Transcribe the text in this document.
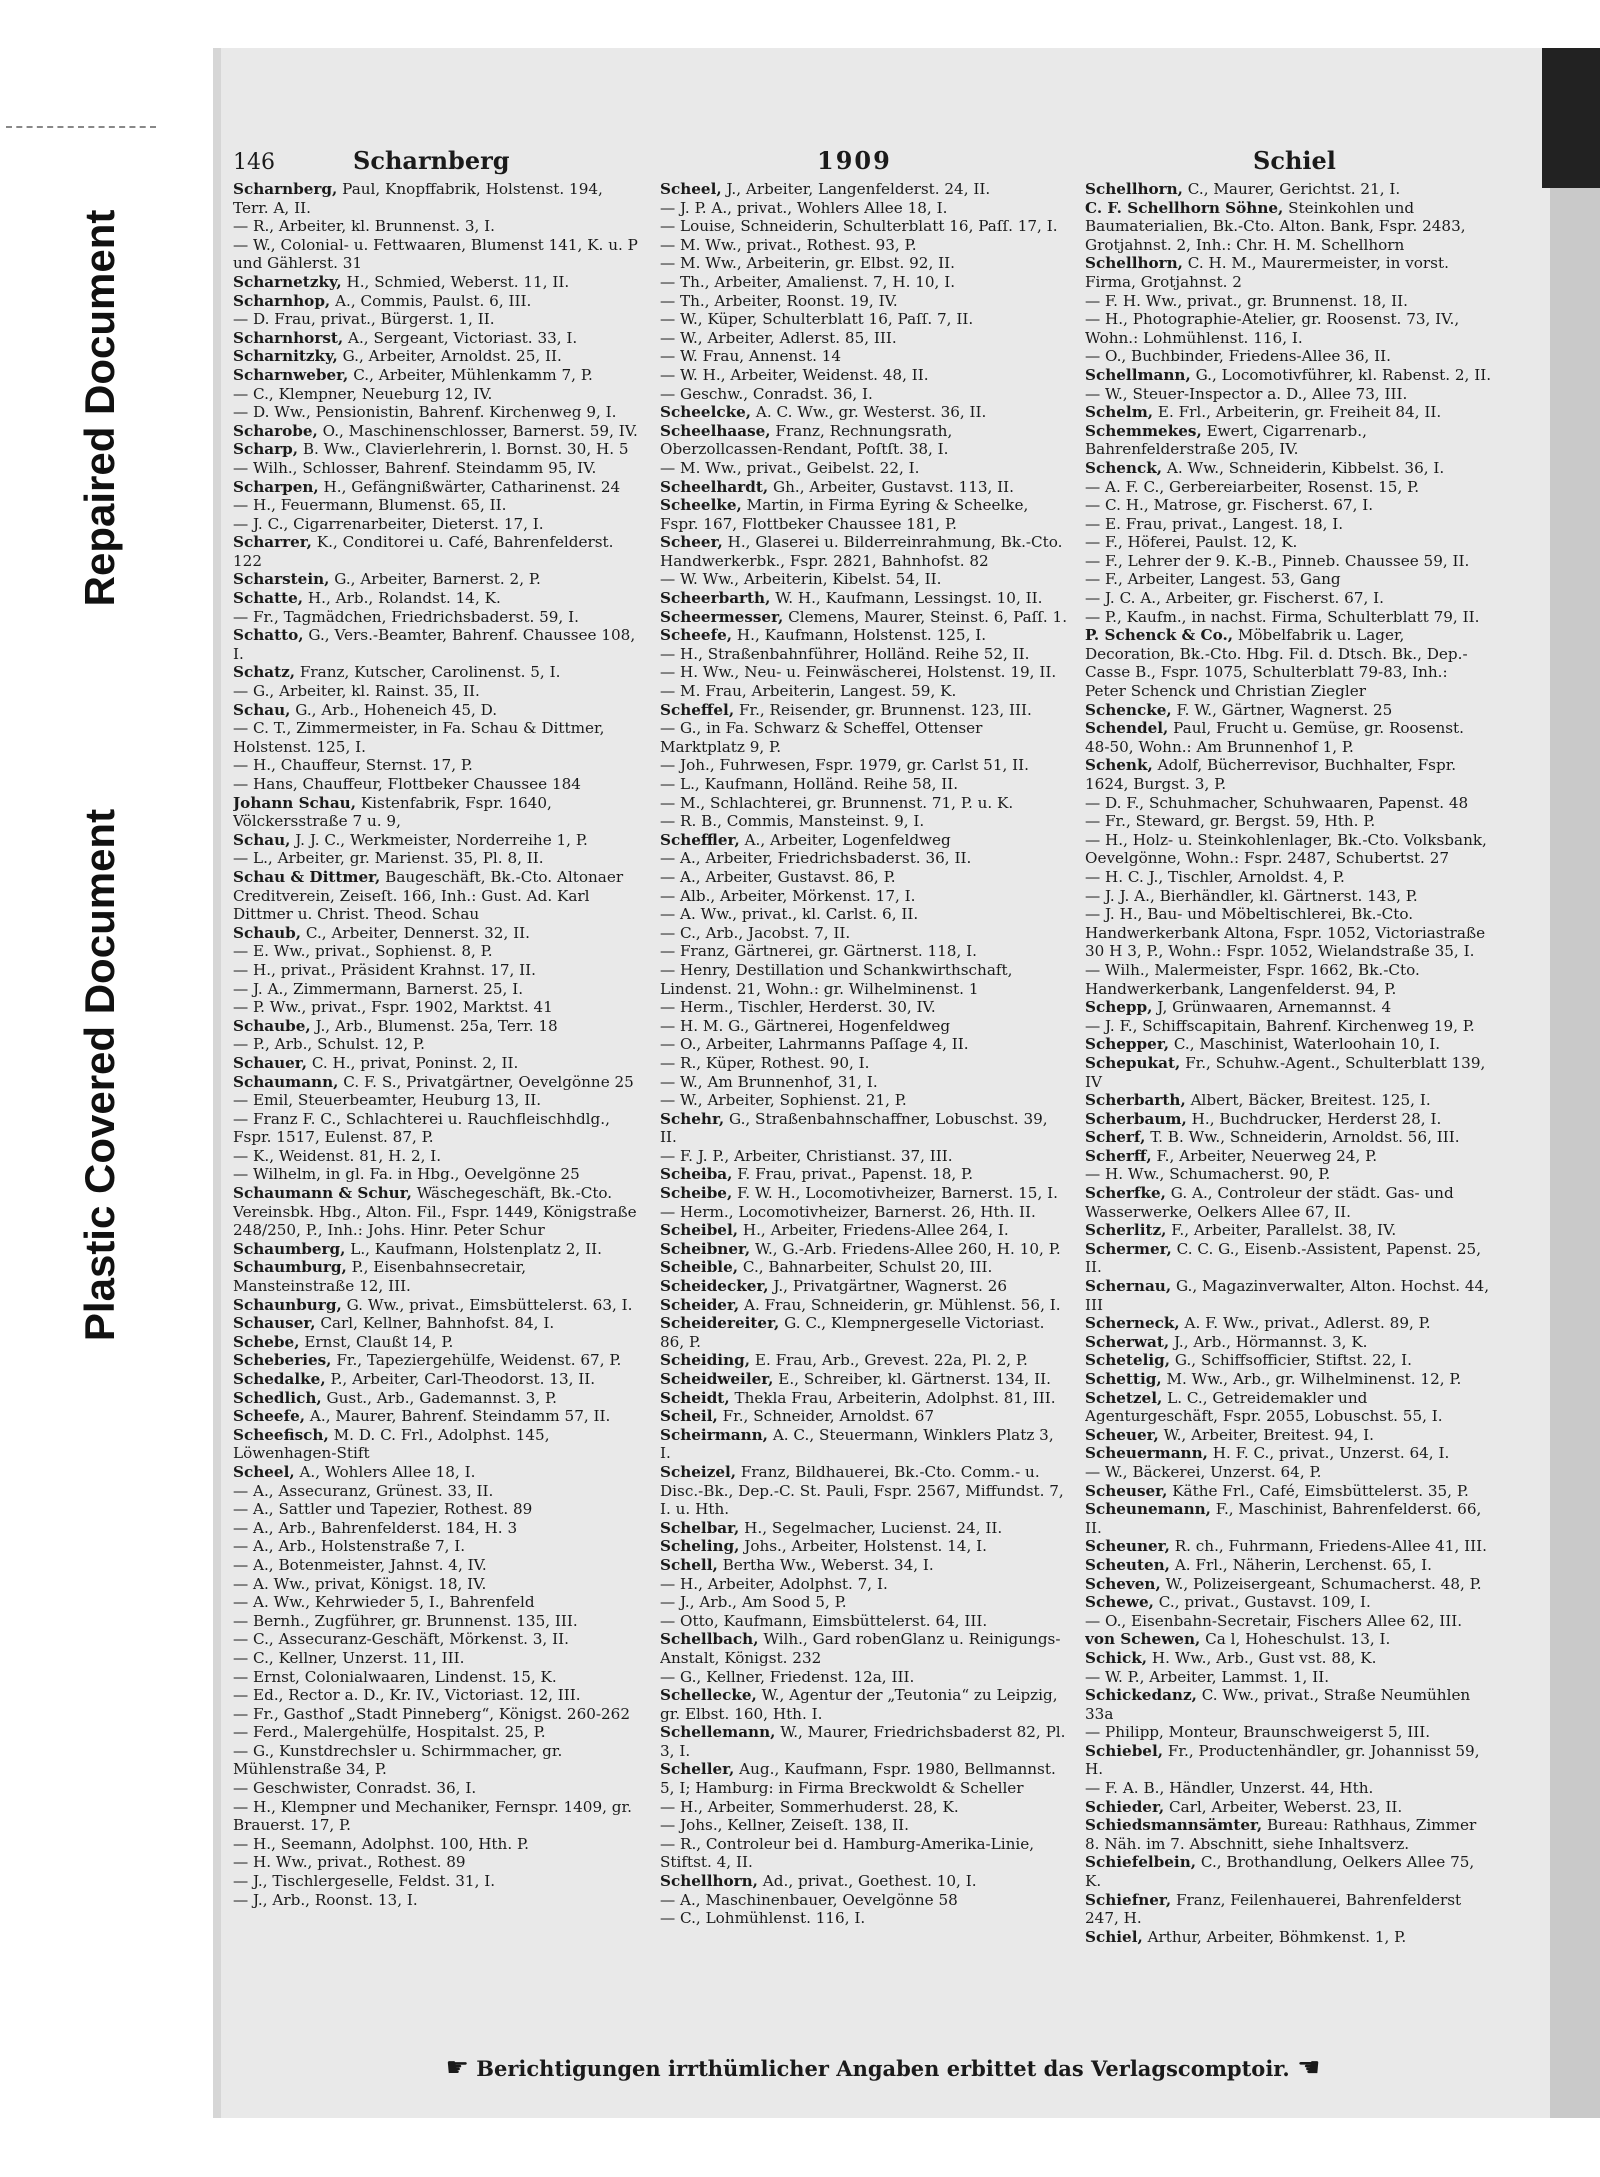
Plastic Covered Document
Repaired Document
146	Scharnberg	1909	Schiel

Scharnberg, Paul, Knopffabrik, Holstenst. 194, Terr. A, II.

— R., Arbeiter, kl. Brunnenst. 3, I.

— W., Colonial- u. Fettwaaren, Blumenst 141, K. u. P und Gählerst. 31

Scharnetzky, H., Schmied, Weberst. 11, II.

Scharnhop, A., Commis, Paulst. 6, III.

— D. Frau, privat., Bürgerst. 1, II.

Scharnhorst, A., Sergeant, Victoriast. 33, I.

Scharnitzky, G., Arbeiter, Arnoldst. 25, II.

Scharnweber, C., Arbeiter, Mühlenkamm 7, P.

— C., Klempner, Neueburg 12, IV.

— D. Ww., Pensionistin, Bahrenf. Kirchenweg 9, I.

Scharobe, O., Maschinenschlosser, Barnerst. 59, IV.

Scharp, B. Ww., Clavierlehrerin, l. Bornst. 30, H. 5

— Wilh., Schlosser, Bahrenf. Steindamm 95, IV.

Scharpen, H., Gefängnißwärter, Catharinenst. 24

— H., Feuermann, Blumenst. 65, II.

— J. C., Cigarrenarbeiter, Dieterst. 17, I.

Scharrer, K., Conditorei u. Café, Bahrenfelderst. 122

Scharstein, G., Arbeiter, Barnerst. 2, P.

Schatte, H., Arb., Rolandst. 14, K.

— Fr., Tagmädchen, Friedrichsbaderst. 59, I.

Schatto, G., Vers.-Beamter, Bahrenf. Chaussee 108, I.

Schatz, Franz, Kutscher, Carolinenst. 5, I.

— G., Arbeiter, kl. Rainst. 35, II.

Schau, G., Arb., Hoheneich 45, D.

— C. T., Zimmermeister, in Fa. Schau & Dittmer, Holstenst. 125, I.

— H., Chauffeur, Sternst. 17, P.

— Hans, Chauffeur, Flottbeker Chaussee 184

Johann Schau, Kistenfabrik, Fspr. 1640, Völckersstraße 7 u. 9,

Schau, J. J. C., Werkmeister, Norderreihe 1, P.

— L., Arbeiter, gr. Marienst. 35, Pl. 8, II.

Schau & Dittmer, Baugeschäft, Bk.-Cto. Altonaer Creditverein, Zeiseſt. 166, Inh.: Gust. Ad. Karl Dittmer u. Christ. Theod. Schau

Schaub, C., Arbeiter, Dennerst. 32, II.

— E. Ww., privat., Sophienst. 8, P.

— H., privat., Präsident Krahnst. 17, II.

— J. A., Zimmermann, Barnerst. 25, I.

— P. Ww., privat., Fspr. 1902, Marktst. 41

Schaube, J., Arb., Blumenst. 25a, Terr. 18

— P., Arb., Schulst. 12, P.

Schauer, C. H., privat, Poninst. 2, II.

Schaumann, C. F. S., Privatgärtner, Oevelgönne 25

— Emil, Steuerbeamter, Heuburg 13, II.

— Franz F. C., Schlachterei u. Rauchfleischhdlg., Fspr. 1517, Eulenst. 87, P.

— K., Weidenst. 81, H. 2, I.

— Wilhelm, in gl. Fa. in Hbg., Oevelgönne 25

Schaumann & Schur, Wäschegeschäft, Bk.-Cto. Vereinsbk. Hbg., Alton. Fil., Fspr. 1449, Königstraße 248/250, P., Inh.: Johs. Hinr. Peter Schur

Schaumberg, L., Kaufmann, Holstenplatz 2, II.

Schaumburg, P., Eisenbahnsecretair, Mansteinstraße 12, III.

Schaunburg, G. Ww., privat., Eimsbüttelerst. 63, I.

Schauser, Carl, Kellner, Bahnhofst. 84, I.

Schebe, Ernst, Claußt 14, P.

Scheberies, Fr., Tapeziergehülfe, Weidenst. 67, P.

Schedalke, P., Arbeiter, Carl-Theodorst. 13, II.

Schedlich, Gust., Arb., Gademannst. 3, P.

Scheefe, A., Maurer, Bahrenf. Steindamm 57, II.

Scheefisch, M. D. C. Frl., Adolphst. 145, Löwenhagen-Stift

Scheel, A., Wohlers Allee 18, I.

— A., Assecuranz, Grünest. 33, II.

— A., Sattler und Tapezier, Rothest. 89

— A., Arb., Bahrenfelderst. 184, H. 3

— A., Arb., Holstenstraße 7, I.

— A., Botenmeister, Jahnst. 4, IV.

— A. Ww., privat, Königst. 18, IV.

— A. Ww., Kehrwieder 5, I., Bahrenfeld

— Bernh., Zugführer, gr. Brunnenst. 135, III.

— C., Assecuranz-Geschäft, Mörkenst. 3, II.

— C., Kellner, Unzerst. 11, III.

— Ernst, Colonialwaaren, Lindenst. 15, K.

— Ed., Rector a. D., Kr. IV., Victoriast. 12, III.

— Fr., Gasthof „Stadt Pinneberg“, Königst. 260-262

— Ferd., Malergehülfe, Hospitalst. 25, P.

— G., Kunstdrechsler u. Schirmmacher, gr. Mühlenstraße 34, P.

— Geschwister, Conradst. 36, I.

— H., Klempner und Mechaniker, Fernspr. 1409, gr. Brauerst. 17, P.

— H., Seemann, Adolphst. 100, Hth. P.

— H. Ww., privat., Rothest. 89

— J., Tischlergeselle, Feldst. 31, I.

— J., Arb., Roonst. 13, I.

Scheel, J., Arbeiter, Langenfelderst. 24, II.

— J. P. A., privat., Wohlers Allee 18, I.

— Louise, Schneiderin, Schulterblatt 16, Paſſ. 17, I.

— M. Ww., privat., Rothest. 93, P.

— M. Ww., Arbeiterin, gr. Elbst. 92, II.

— Th., Arbeiter, Amalienst. 7, H. 10, I.

— Th., Arbeiter, Roonst. 19, IV.

— W., Küper, Schulterblatt 16, Paſſ. 7, II.

— W., Arbeiter, Adlerst. 85, III.

— W. Frau, Annenst. 14

— W. H., Arbeiter, Weidenst. 48, II.

— Geschw., Conradst. 36, I.

Scheelcke, A. C. Ww., gr. Westerst. 36, II.

Scheelhaase, Franz, Rechnungsrath, Oberzollcassen-Rendant, Poſtſt. 38, I.

— M. Ww., privat., Geibelst. 22, I.

Scheelhardt, Gh., Arbeiter, Gustavst. 113, II.

Scheelke, Martin, in Firma Eyring & Scheelke, Fspr. 167, Flottbeker Chaussee 181, P.

Scheer, H., Glaserei u. Bilderreinrahmung, Bk.-Cto. Handwerkerbk., Fspr. 2821, Bahnhofst. 82

— W. Ww., Arbeiterin, Kibelst. 54, II.

Scheerbarth, W. H., Kaufmann, Lessingst. 10, II.

Scheermesser, Clemens, Maurer, Steinst. 6, Paſſ. 1.

Scheefe, H., Kaufmann, Holstenst. 125, I.

— H., Straßenbahnführer, Holländ. Reihe 52, II.

— H. Ww., Neu- u. Feinwäscherei, Holstenst. 19, II.

— M. Frau, Arbeiterin, Langest. 59, K.

Scheffel, Fr., Reisender, gr. Brunnenst. 123, III.

— G., in Fa. Schwarz & Scheffel, Ottenser Marktplatz 9, P.

— Joh., Fuhrwesen, Fspr. 1979, gr. Carlst 51, II.

— L., Kaufmann, Holländ. Reihe 58, II.

— M., Schlachterei, gr. Brunnenst. 71, P. u. K.

— R. B., Commis, Mansteinst. 9, I.

Scheffler, A., Arbeiter, Logenfeldweg

— A., Arbeiter, Friedrichsbaderst. 36, II.

— A., Arbeiter, Gustavst. 86, P.

— Alb., Arbeiter, Mörkenst. 17, I.

— A. Ww., privat., kl. Carlst. 6, II.

— C., Arb., Jacobst. 7, II.

— Franz, Gärtnerei, gr. Gärtnerst. 118, I.

— Henry, Destillation und Schankwirthschaft, Lindenst. 21, Wohn.: gr. Wilhelminenst. 1

— Herm., Tischler, Herderst. 30, IV.

— H. M. G., Gärtnerei, Hogenfeldweg

— O., Arbeiter, Lahrmanns Paſſage 4, II.

— R., Küper, Rothest. 90, I.

— W., Am Brunnenhof, 31, I.

— W., Arbeiter, Sophienst. 21, P.

Schehr, G., Straßenbahnschaffner, Lobuschst. 39, II.

— F. J. P., Arbeiter, Christianst. 37, III.

Scheiba, F. Frau, privat., Papenst. 18, P.

Scheibe, F. W. H., Locomotivheizer, Barnerst. 15, I.

— Herm., Locomotivheizer, Barnerst. 26, Hth. II.

Scheibel, H., Arbeiter, Friedens-Allee 264, I.

Scheibner, W., G.-Arb. Friedens-Allee 260, H. 10, P.

Scheible, C., Bahnarbeiter, Schulst 20, III.

Scheidecker, J., Privatgärtner, Wagnerst. 26

Scheider, A. Frau, Schneiderin, gr. Mühlenst. 56, I.

Scheidereiter, G. C., Klempnergeselle Victoriast. 86, P.

Scheiding, E. Frau, Arb., Grevest. 22a, Pl. 2, P.

Scheidweiler, E., Schreiber, kl. Gärtnerst. 134, II.

Scheidt, Thekla Frau, Arbeiterin, Adolphst. 81, III.

Scheil, Fr., Schneider, Arnoldst. 67

Scheirmann, A. C., Steuermann, Winklers Platz 3, I.

Scheizel, Franz, Bildhauerei, Bk.-Cto. Comm.- u. Disc.-Bk., Dep.-C. St. Pauli, Fspr. 2567, Miffundst. 7, I. u. Hth.

Schelbar, H., Segelmacher, Lucienst. 24, II.

Scheling, Johs., Arbeiter, Holstenst. 14, I.

Schell, Bertha Ww., Weberst. 34, I.

— H., Arbeiter, Adolphst. 7, I.

— J., Arb., Am Sood 5, P.

— Otto, Kaufmann, Eimsbüttelerst. 64, III.

Schellbach, Wilh., Gard robenGlanz u. Reinigungs-Anstalt, Königst. 232

— G., Kellner, Friedenst. 12a, III.

Schellecke, W., Agentur der „Teutonia“ zu Leipzig, gr. Elbst. 160, Hth. I.

Schellemann, W., Maurer, Friedrichsbaderst 82, Pl. 3, I.

Scheller, Aug., Kaufmann, Fspr. 1980, Bellmannst. 5, I; Hamburg: in Firma Breckwoldt & Scheller

— H., Arbeiter, Sommerhuderst. 28, K.

— Johs., Kellner, Zeiseſt. 138, II.

— R., Controleur bei d. Hamburg-Amerika-Linie, Stiftst. 4, II.

Schellhorn, Ad., privat., Goethest. 10, I.

— A., Maschinenbauer, Oevelgönne 58

— C., Lohmühlenst. 116, I.

Schellhorn, C., Maurer, Gerichtst. 21, I.

C. F. Schellhorn Söhne, Steinkohlen und Baumaterialien, Bk.-Cto. Alton. Bank, Fspr. 2483, Grotjahnst. 2, Inh.: Chr. H. M. Schellhorn

Schellhorn, C. H. M., Maurermeister, in vorst. Firma, Grotjahnst. 2

— F. H. Ww., privat., gr. Brunnenst. 18, II.

— H., Photographie-Atelier, gr. Roosenst. 73, IV., Wohn.: Lohmühlenst. 116, I.

— O., Buchbinder, Friedens-Allee 36, II.

Schellmann, G., Locomotivführer, kl. Rabenst. 2, II.

— W., Steuer-Inspector a. D., Allee 73, III.

Schelm, E. Frl., Arbeiterin, gr. Freiheit 84, II.

Schemmekes, Ewert, Cigarrenarb., Bahrenfelderstraße 205, IV.

Schenck, A. Ww., Schneiderin, Kibbelst. 36, I.

— A. F. C., Gerbereiarbeiter, Rosenst. 15, P.

— C. H., Matrose, gr. Fischerst. 67, I.

— E. Frau, privat., Langest. 18, I.

— F., Höferei, Paulst. 12, K.

— F., Lehrer der 9. K.-B., Pinneb. Chaussee 59, II.

— F., Arbeiter, Langest. 53, Gang

— J. C. A., Arbeiter, gr. Fischerst. 67, I.

— P., Kaufm., in nachst. Firma, Schulterblatt 79, II.

P. Schenck & Co., Möbelfabrik u. Lager, Decoration, Bk.-Cto. Hbg. Fil. d. Dtsch. Bk., Dep.-Casse B., Fspr. 1075, Schulterblatt 79-83, Inh.: Peter Schenck und Christian Ziegler

Schencke, F. W., Gärtner, Wagnerst. 25

Schendel, Paul, Frucht u. Gemüse, gr. Roosenst. 48-50, Wohn.: Am Brunnenhof 1, P.

Schenk, Adolf, Bücherrevisor, Buchhalter, Fspr. 1624, Burgst. 3, P.

— D. F., Schuhmacher, Schuhwaaren, Papenst. 48

— Fr., Steward, gr. Bergst. 59, Hth. P.

— H., Holz- u. Steinkohlenlager, Bk.-Cto. Volksbank, Oevelgönne, Wohn.: Fspr. 2487, Schubertst. 27

— H. C. J., Tischler, Arnoldst. 4, P.

— J. J. A., Bierhändler, kl. Gärtnerst. 143, P.

— J. H., Bau- und Möbeltischlerei, Bk.-Cto. Handwerkerbank Altona, Fspr. 1052, Victoriastraße 30 H 3, P., Wohn.: Fspr. 1052, Wielandstraße 35, I.

— Wilh., Malermeister, Fspr. 1662, Bk.-Cto. Handwerkerbank, Langenfelderst. 94, P.

Schepp, J, Grünwaaren, Arnemannst. 4

— J. F., Schiffscapitain, Bahrenf. Kirchenweg 19, P.

Schepper, C., Maschinist, Waterloohain 10, I.

Schepukat, Fr., Schuhw.-Agent., Schulterblatt 139, IV

Scherbarth, Albert, Bäcker, Breitest. 125, I.

Scherbaum, H., Buchdrucker, Herderst 28, I.

Scherf, T. B. Ww., Schneiderin, Arnoldst. 56, III.

Scherff, F., Arbeiter, Neuerweg 24, P.

— H. Ww., Schumacherst. 90, P.

Scherfke, G. A., Controleur der städt. Gas- und Wasserwerke, Oelkers Allee 67, II.

Scherlitz, F., Arbeiter, Parallelst. 38, IV.

Schermer, C. C. G., Eisenb.-Assistent, Papenst. 25, II.

Schernau, G., Magazinverwalter, Alton. Hochst. 44, III

Scherneck, A. F. Ww., privat., Adlerst. 89, P.

Scherwat, J., Arb., Hörmannst. 3, K.

Schetelig, G., Schiffsofficier, Stiftst. 22, I.

Schettig, M. Ww., Arb., gr. Wilhelminenst. 12, P.

Schetzel, L. C., Getreidemakler und Agenturgeschäft, Fspr. 2055, Lobuschst. 55, I.

Scheuer, W., Arbeiter, Breitest. 94, I.

Scheuermann, H. F. C., privat., Unzerst. 64, I.

— W., Bäckerei, Unzerst. 64, P.

Scheuser, Käthe Frl., Café, Eimsbüttelerst. 35, P.

Scheunemann, F., Maschinist, Bahrenfelderst. 66, II.

Scheuner, R. ch., Fuhrmann, Friedens-Allee 41, III.

Scheuten, A. Frl., Näherin, Lerchenst. 65, I.

Scheven, W., Polizeisergeant, Schumacherst. 48, P.

Schewe, C., privat., Gustavst. 109, I.

— O., Eisenbahn-Secretair, Fischers Allee 62, III.

von Schewen, Ca l, Hoheschulst. 13, I.

Schick, H. Ww., Arb., Gust vst. 88, K.

— W. P., Arbeiter, Lammst. 1, II.

Schickedanz, C. Ww., privat., Straße Neumühlen 33a

— Philipp, Monteur, Braunschweigerst 5, III.

Schiebel, Fr., Productenhändler, gr. Johannisst 59, H.

— F. A. B., Händler, Unzerst. 44, Hth.

Schieder, Carl, Arbeiter, Weberst. 23, II.

Schiedsmannsämter, Bureau: Rathhaus, Zimmer 8. Näh. im 7. Abschnitt, siehe Inhaltsverz.

Schiefelbein, C., Brothandlung, Oelkers Allee 75, K.

Schiefner, Franz, Feilenhauerei, Bahrenfelderst 247, H.

Schiel, Arthur, Arbeiter, Böhmkenst. 1, P.

☛ Berichtigungen irrthümlicher Angaben erbittet das Verlagscomptoir. ☚
